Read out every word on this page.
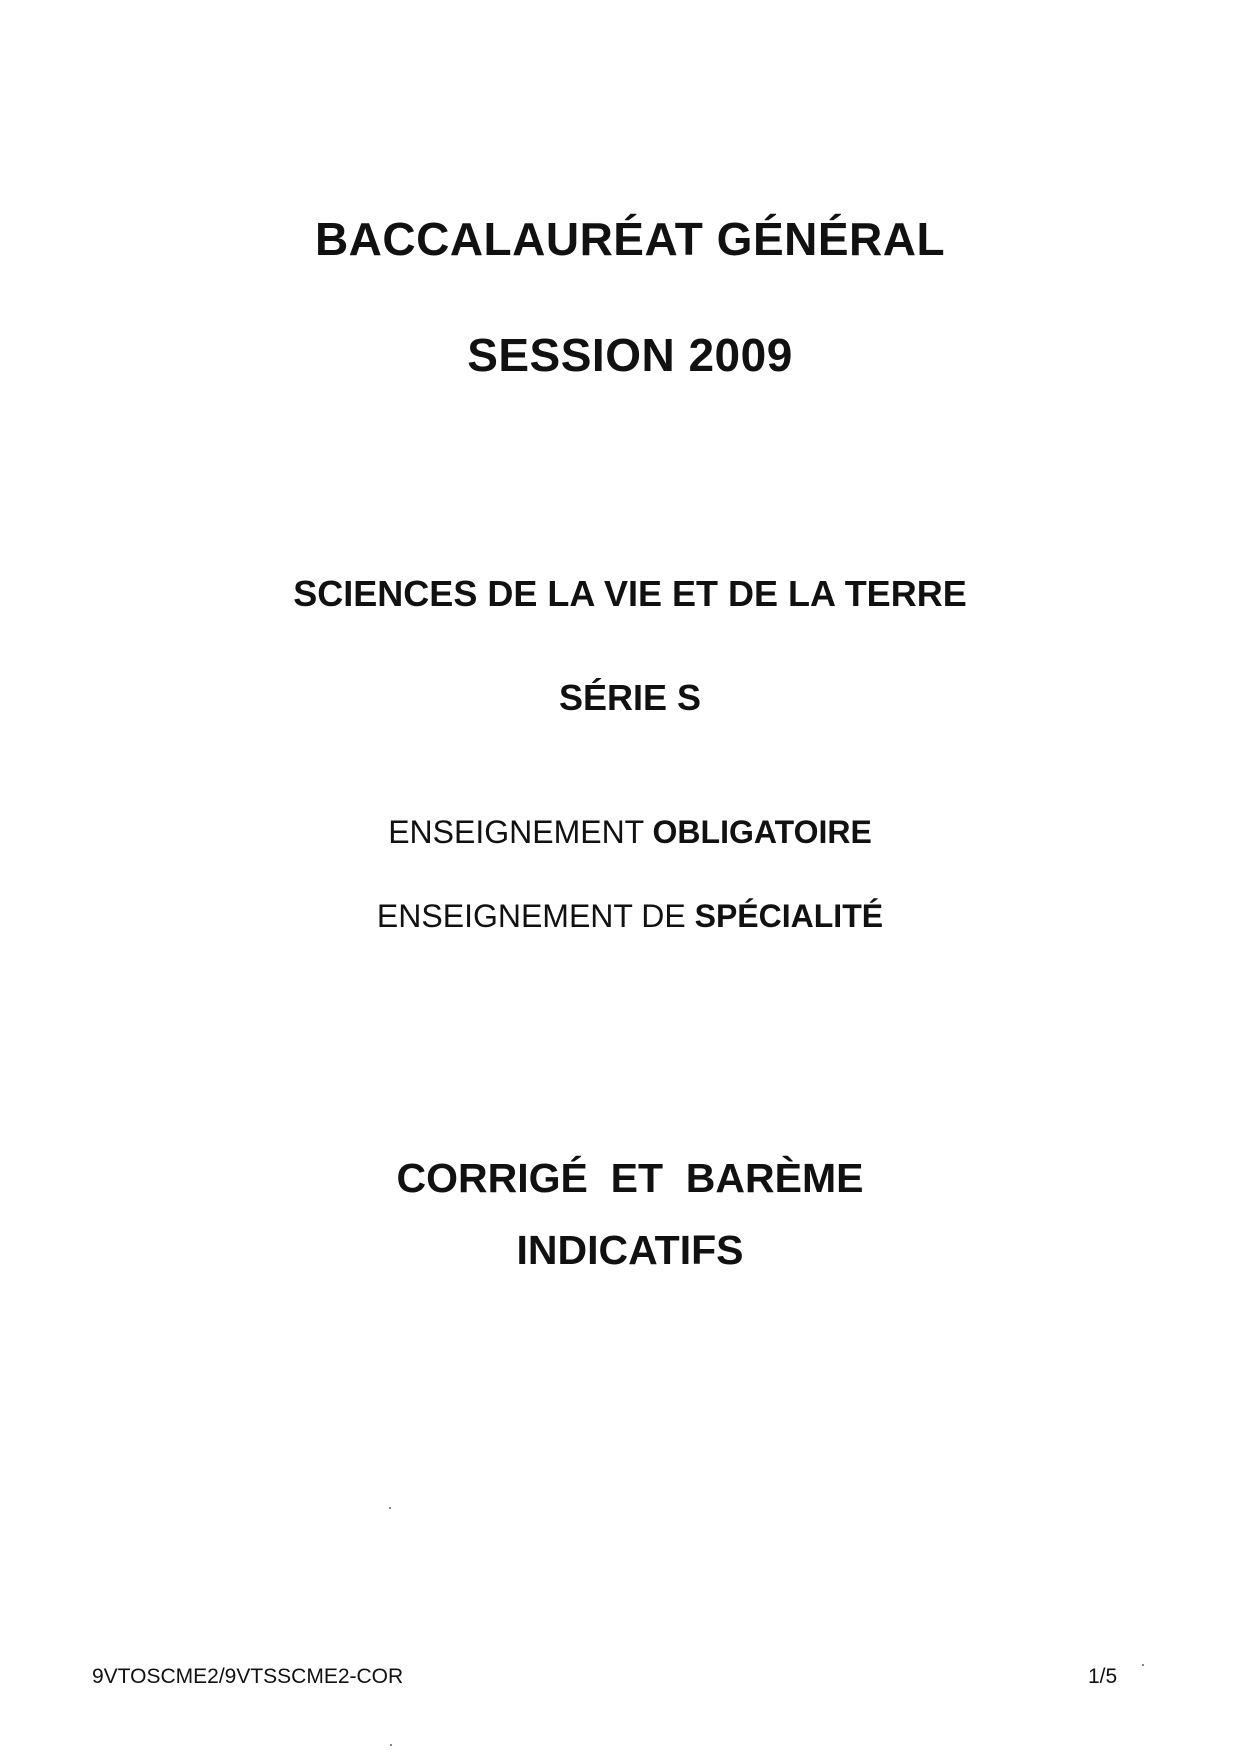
BACCALAURÉAT GÉNÉRAL
SESSION 2009
SCIENCES DE LA VIE ET DE LA TERRE
SÉRIE S
ENSEIGNEMENT OBLIGATOIRE
ENSEIGNEMENT DE SPÉCIALITÉ
CORRIGÉ  ET  BARÈME
INDICATIFS
9VTOSCME2/9VTSSCME2-COR	1/5
